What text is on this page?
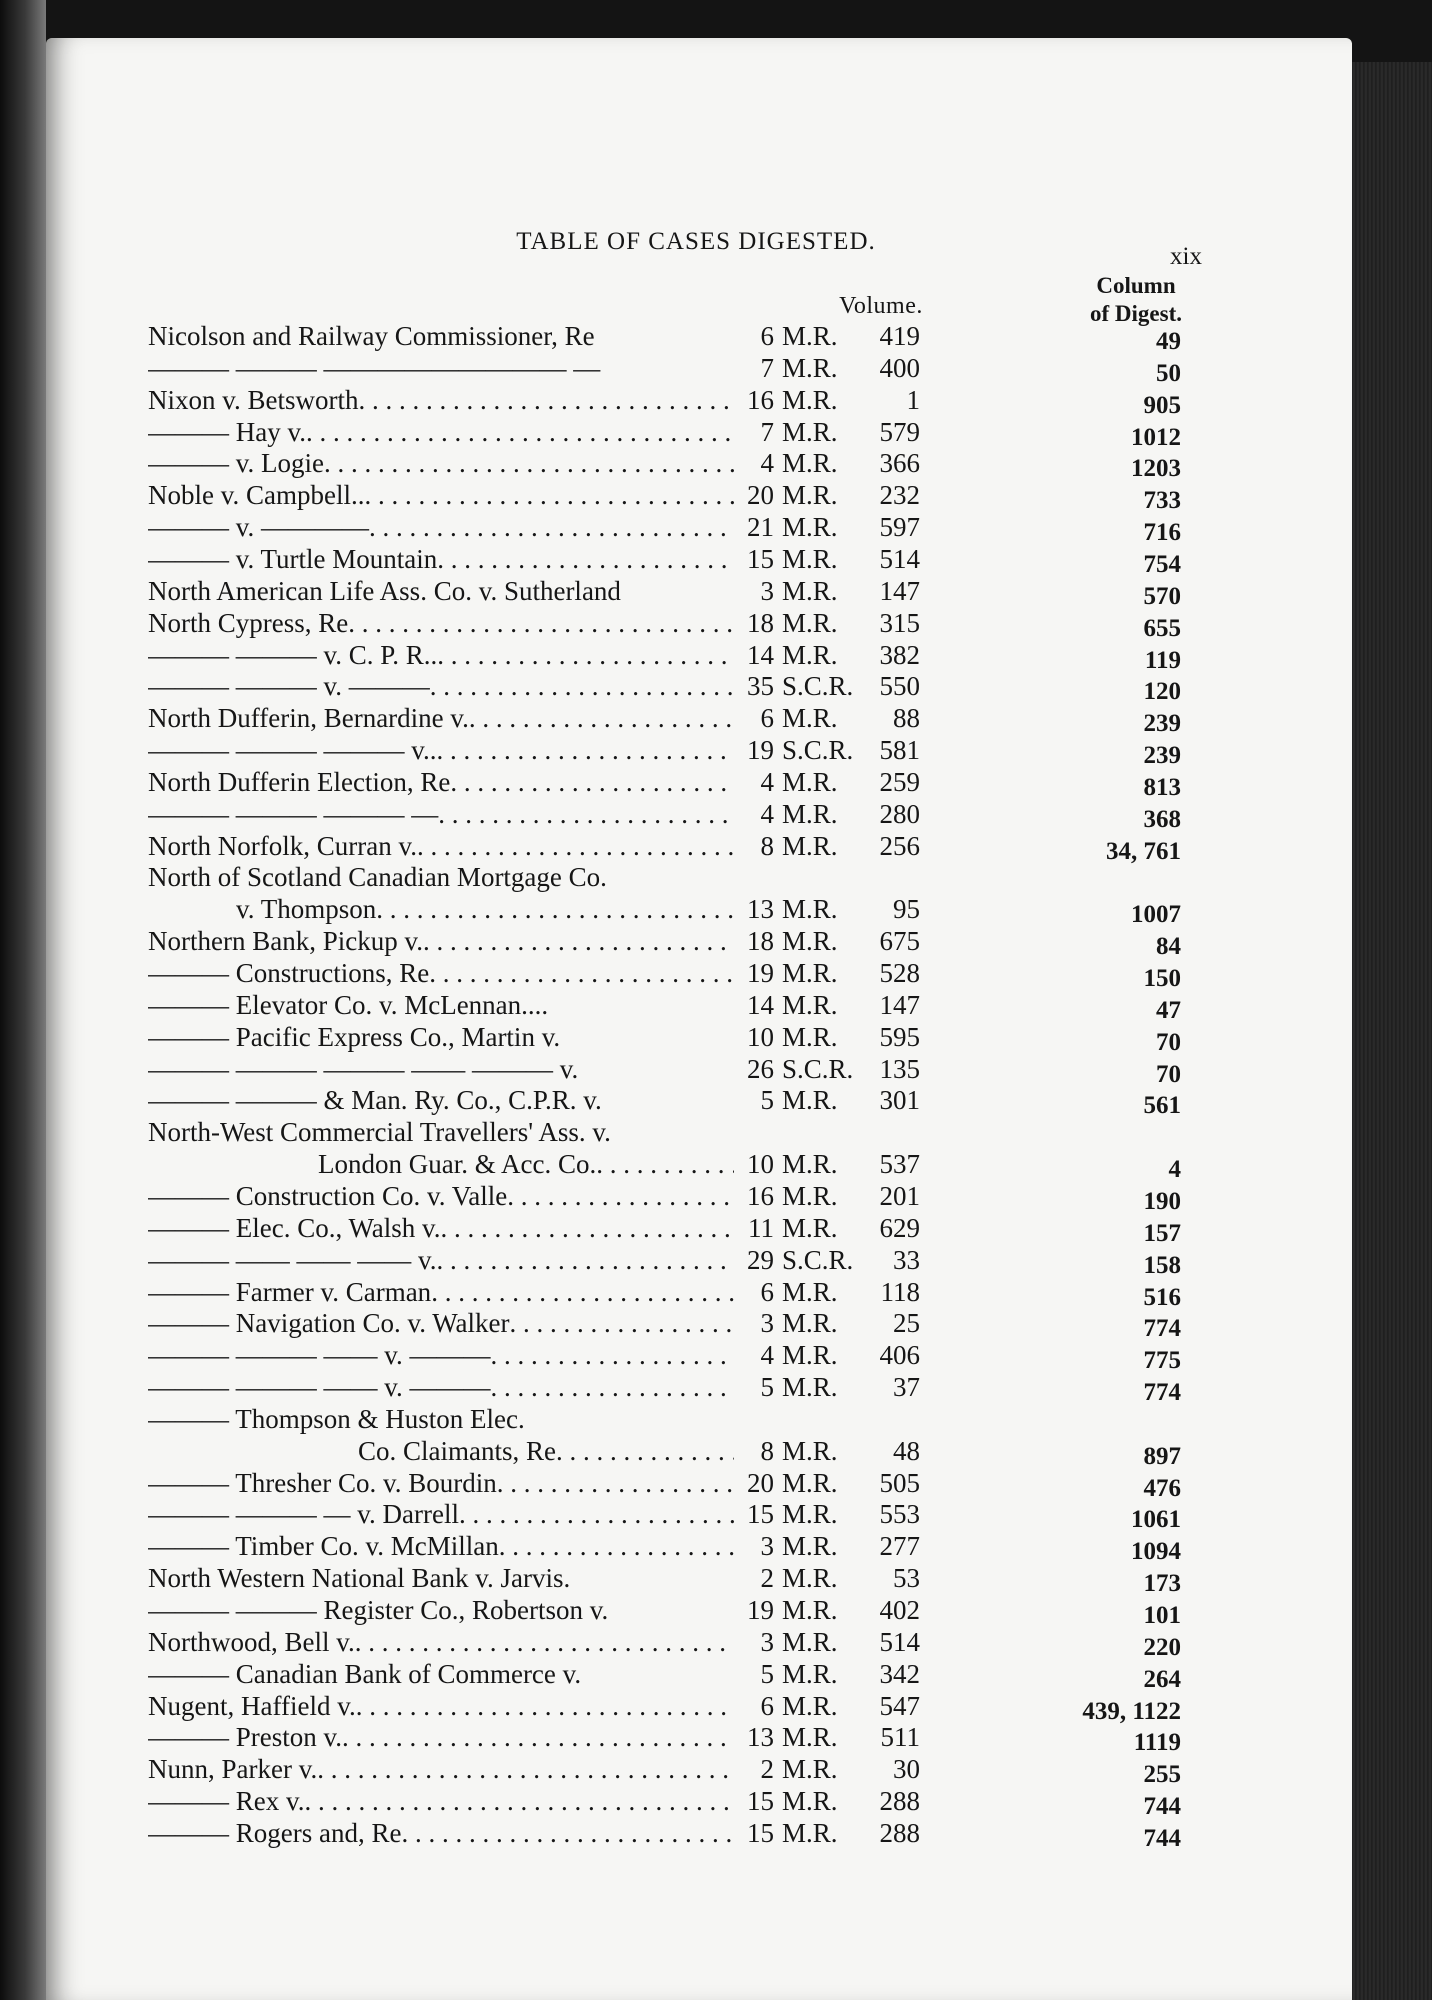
TABLE OF CASES DIGESTED.
xix
Volume.
Column
of Digest.
Nicolson and Railway Commissioner, Re	6 M.R.	419	49
——— ——— ————————— —	7 M.R.	400	50
Nixon v. Betsworth . . .	16 M.R.	1	905
——— Hay v. . . .	7 M.R.	579	1012
——— v. Logie . . .	4 M.R.	366	1203
Noble v. Campbell.. . . .	20 M.R.	232	733
——— v. ———— . . .	21 M.R.	597	716
——— v. Turtle Mountain . . .	15 M.R.	514	754
North American Life Ass. Co. v. Sutherland	3 M.R.	147	570
North Cypress, Re . . .	18 M.R.	315	655
——— ——— v. C. P. R.. . . .	14 M.R.	382	119
——— ——— v. ——— . . .	35 S.C.R. 550	120
North Dufferin, Bernardine v. . . .	6 M.R.	88	239
——— ——— ——— v.. . . .	19 S.C.R. 581	239
North Dufferin Election, Re . . .	4 M.R.	259	813
——— ——— ——— — . . .	4 M.R.	280	368
North Norfolk, Curran v. . . .	8 M.R.	256	34, 761
North of Scotland Canadian Mortgage Co.
v. Thompson . . .	13 M.R.	95	1007
Northern Bank, Pickup v. . . .	18 M.R.	675	84
——— Constructions, Re . . .	19 M.R.	528	150
——— Elevator Co. v. McLennan....	14 M.R.	147	47
——— Pacific Express Co., Martin v.	10 M.R.	595	70
——— ——— ——— —— ——— v.	26 S.C.R. 135	70
——— ——— & Man. Ry. Co., C.P.R. v.	5 M.R.	301	561
North-West Commercial Travellers' Ass. v.
London Guar. & Acc. Co. . . .	10 M.R.	537	4
——— Construction Co. v. Valle . . .	16 M.R.	201	190
——— Elec. Co., Walsh v. . . .	11 M.R.	629	157
——— —— —— —— v. . . .	29 S.C.R.	33	158
——— Farmer v. Carman . . .	6 M.R.	118	516
——— Navigation Co. v. Walker . . .	3 M.R.	25	774
——— ——— —— v. ——— . . .	4 M.R.	406	775
——— ——— —— v. ——— . . .	5 M.R.	37	774
——— Thompson & Huston Elec.
Co. Claimants, Re . . .	8 M.R.	48	897
——— Thresher Co. v. Bourdin . . .	20 M.R.	505	476
——— ——— — v. Darrell . . .	15 M.R.	553	1061
——— Timber Co. v. McMillan . . .	3 M.R.	277	1094
North Western National Bank v. Jarvis.	2 M.R.	53	173
——— ——— Register Co., Robertson v.	19 M.R.	402	101
Northwood, Bell v. . . .	3 M.R.	514	220
——— Canadian Bank of Commerce v.	5 M.R.	342	264
Nugent, Haffield v. . . .	6 M.R.	547	439, 1122
——— Preston v. . . .	13 M.R.	511	1119
Nunn, Parker v. . . .	2 M.R.	30	255
——— Rex v. . . .	15 M.R.	288	744
——— Rogers and, Re . . .	15 M.R.	288	744
